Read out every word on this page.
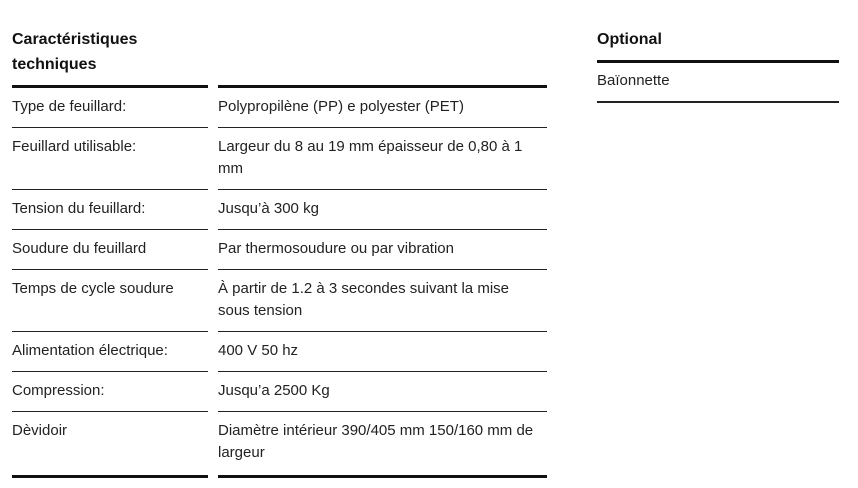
Caractéristiques
techniques
Type de feuillard:		Polypropilène (PP) e polyester (PET)
Feuillard utilisable:		Largeur du 8 au 19 mm épaisseur de 0,80 à 1 mm
Tension du feuillard:		Jusqu’à 300 kg
Soudure du feuillard		Par thermosoudure ou par vibration
Temps de cycle soudure		À partir de 1.2 à 3 secondes suivant la mise sous tension
Alimentation électrique:		400 V 50 hz
Compression:		Jusqu’a 2500 Kg
Dèvidoir		Diamètre intérieur 390/405 mm 150/160 mm de largeur
Optional
Baïonnette
